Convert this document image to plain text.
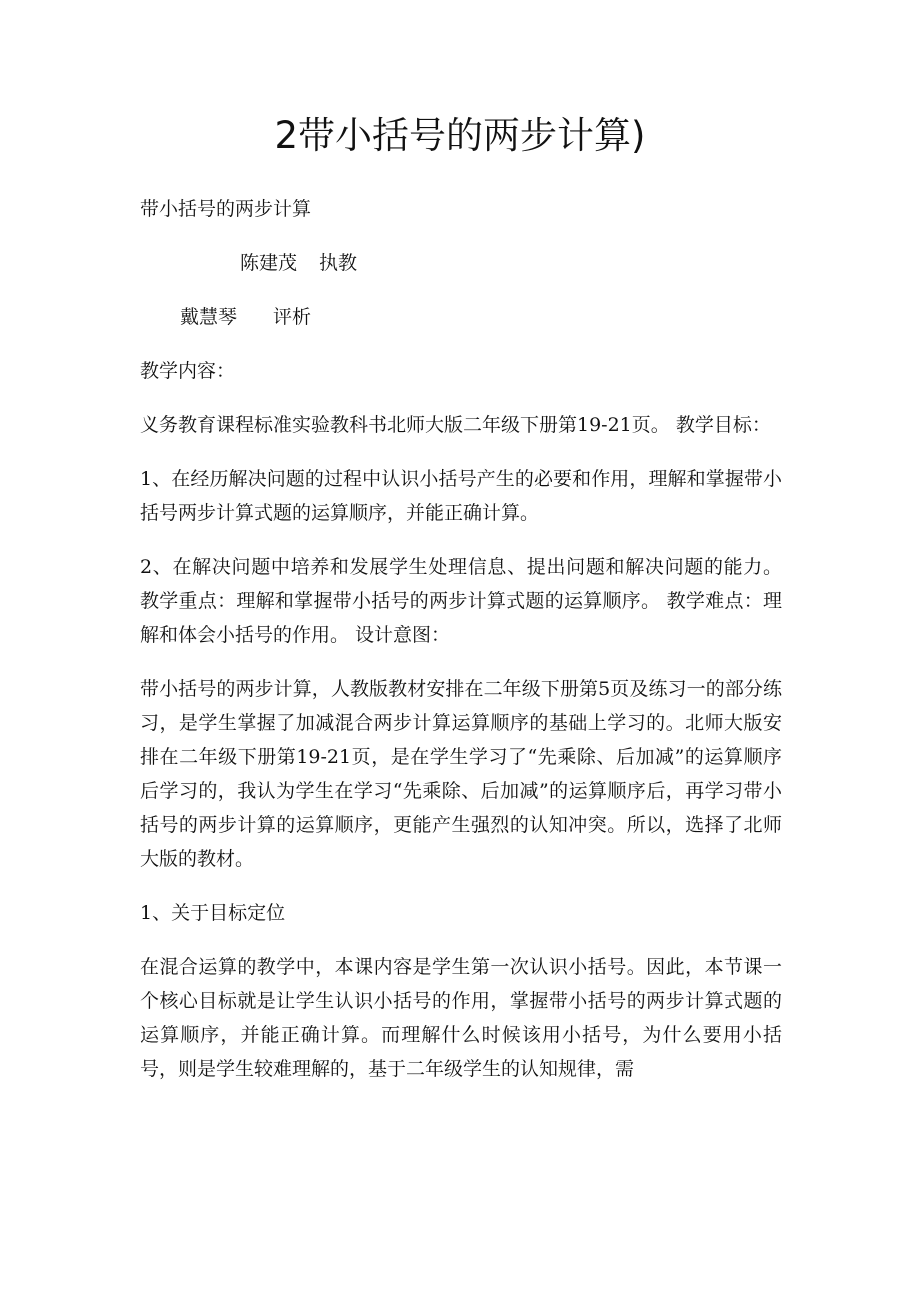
2带小括号的两步计算)

带小括号的两步计算

陈建茂 执教

戴慧琴 评析

教学内容：

义务教育课程标准实验教科书北师大版二年级下册第19-21页。 教学目标：

1、在经历解决问题的过程中认识小括号产生的必要和作用，理解和掌握带小括号两步计算式题的运算顺序，并能正确计算。

2、在解决问题中培养和发展学生处理信息、提出问题和解决问题的能力。 教学重点：理解和掌握带小括号的两步计算式题的运算顺序。 教学难点：理解和体会小括号的作用。 设计意图：

带小括号的两步计算，人教版教材安排在二年级下册第5页及练习一的部分练习，是学生掌握了加减混合两步计算运算顺序的基础上学习的。北师大版安排在二年级下册第19-21页，是在学生学习了“先乘除、后加减”的运算顺序后学习的，我认为学生在学习“先乘除、后加减”的运算顺序后，再学习带小括号的两步计算的运算顺序，更能产生强烈的认知冲突。所以，选择了北师大版的教材。

1、关于目标定位

在混合运算的教学中，本课内容是学生第一次认识小括号。因此，本节课一个核心目标就是让学生认识小括号的作用，掌握带小括号的两步计算式题的运算顺序，并能正确计算。而理解什么时候该用小括号，为什么要用小括号，则是学生较难理解的，基于二年级学生的认知规律，需
